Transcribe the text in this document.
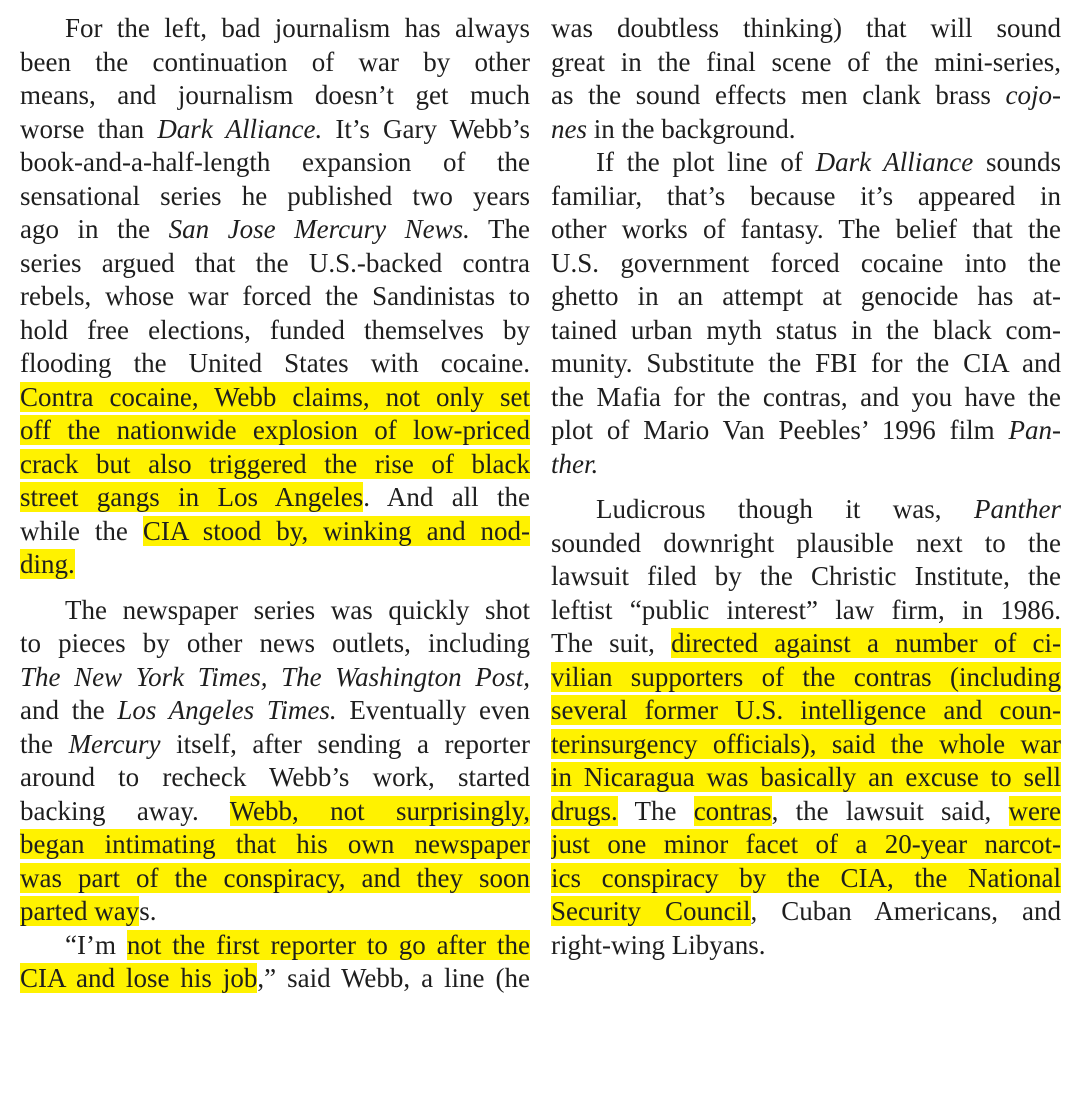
For the left, bad journalism has always
been the continuation of war by other
means, and journalism doesn’t get much
worse than Dark Alliance. It’s Gary Webb’s
book-and-a-half-length expansion of the
sensational series he published two years
ago in the San Jose Mercury News. The
series argued that the U.S.-backed contra
rebels, whose war forced the Sandinistas to
hold free elections, funded themselves by
flooding the United States with cocaine.
Contra cocaine, Webb claims, not only set
off the nationwide explosion of low-priced
crack but also triggered the rise of black
street gangs in Los Angeles. And all the
while the CIA stood by, winking and nod-
ding.
The newspaper series was quickly shot
to pieces by other news outlets, including
The New York Times, The Washington Post,
and the Los Angeles Times. Eventually even
the Mercury itself, after sending a reporter
around to recheck Webb’s work, started
backing away. Webb, not surprisingly,
began intimating that his own newspaper
was part of the conspiracy, and they soon
parted ways.
“I’m not the first reporter to go after the
CIA and lose his job,” said Webb, a line (he
was doubtless thinking) that will sound
great in the final scene of the mini-series,
as the sound effects men clank brass cojo-
nes in the background.
If the plot line of Dark Alliance sounds
familiar, that’s because it’s appeared in
other works of fantasy. The belief that the
U.S. government forced cocaine into the
ghetto in an attempt at genocide has at-
tained urban myth status in the black com-
munity. Substitute the FBI for the CIA and
the Mafia for the contras, and you have the
plot of Mario Van Peebles’ 1996 film Pan-
ther.
Ludicrous though it was, Panther
sounded downright plausible next to the
lawsuit filed by the Christic Institute, the
leftist “public interest” law firm, in 1986.
The suit, directed against a number of ci-
vilian supporters of the contras (including
several former U.S. intelligence and coun-
terinsurgency officials), said the whole war
in Nicaragua was basically an excuse to sell
drugs. The contras, the lawsuit said, were
just one minor facet of a 20-year narcot-
ics conspiracy by the CIA, the National
Security Council, Cuban Americans, and
right-wing Libyans.
